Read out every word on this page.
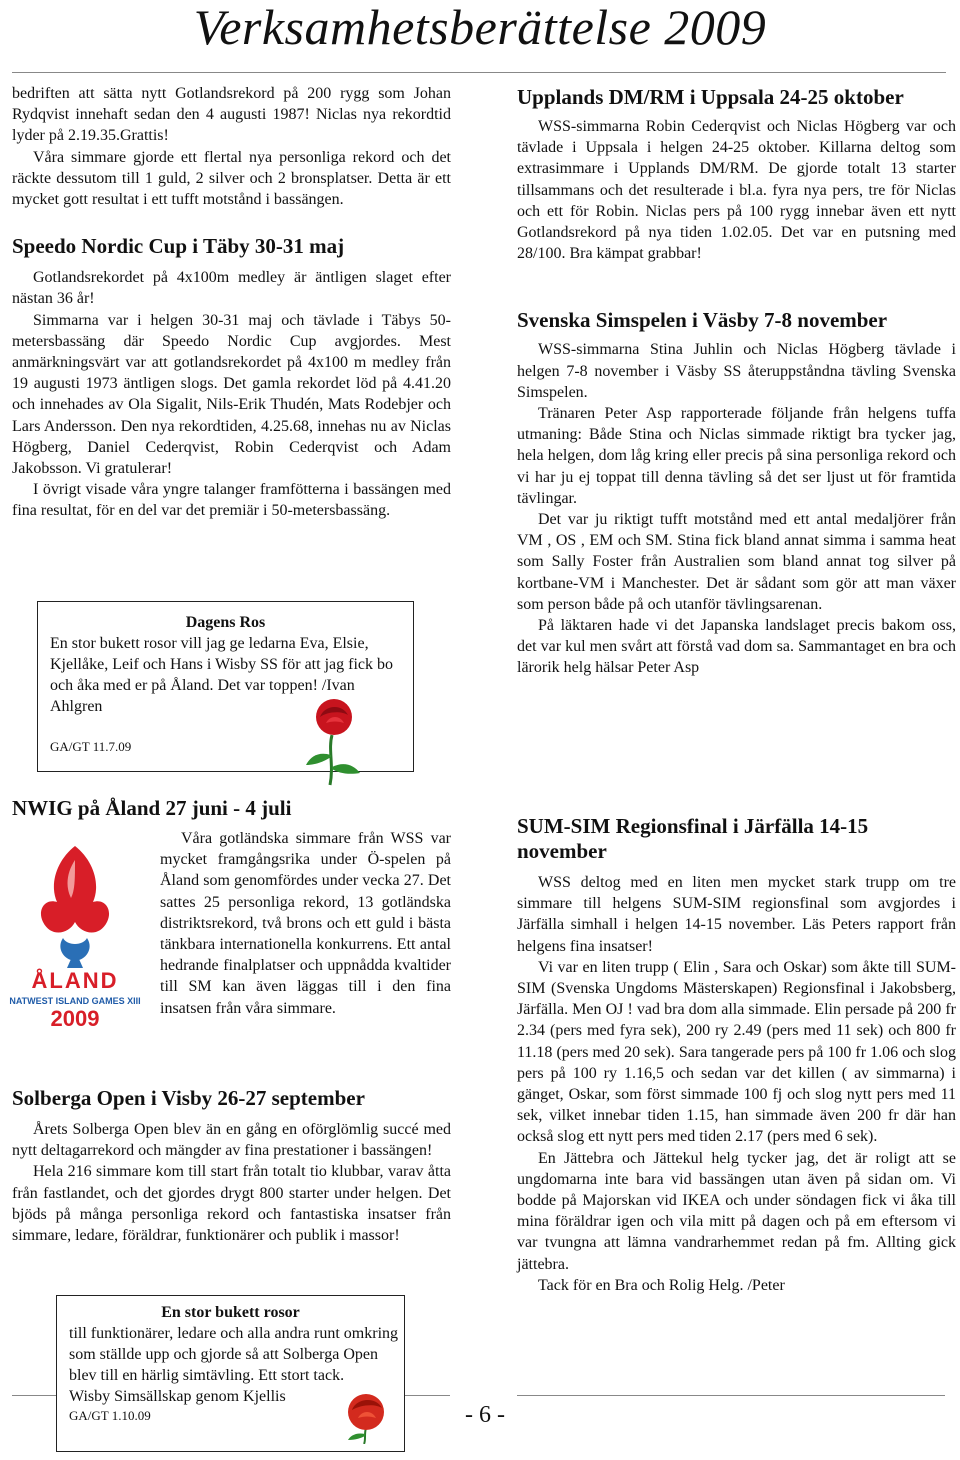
Verksamhetsberättelse 2009

bedriften att sätta nytt Gotlandsrekord på 200 rygg som Johan Rydqvist innehaft sedan den 4 augusti 1987! Niclas nya rekordtid lyder på 2.19.35.Grattis!

Våra simmare gjorde ett flertal nya personliga rekord och det räckte dessutom till 1 guld, 2 silver och 2 bronsplatser. Detta är ett mycket gott resultat i ett tufft motstånd i bassängen.

Speedo Nordic Cup i Täby 30-31 maj

Gotlandsrekordet på 4x100m medley är äntligen slaget efter nästan 36 år!

Simmarna var i helgen 30-31 maj och tävlade i Täbys 50-metersbassäng där Speedo Nordic Cup avgjordes. Mest anmärkningsvärt var att gotlandsrekordet på 4x100 m medley från 19 augusti 1973 äntligen slogs. Det gamla rekordet löd på 4.41.20 och innehades av Ola Sigalit, Nils-Erik Thudén, Mats Rodebjer och Lars Andersson. Den nya rekordtiden, 4.25.68, innehas nu av Niclas Högberg, Daniel Cederqvist, Robin Cederqvist och Adam Jakobsson. Vi gratulerar!

I övrigt visade våra yngre talanger framfötterna i bassängen med fina resultat, för en del var det premiär i 50-metersbassäng.

Dagens Ros
En stor bukett rosor vill jag ge ledarna Eva, Elsie, Kjellåke, Leif och Hans i Wisby SS för att jag fick bo och åka med er på Åland. Det var toppen! /Ivan Ahlgren
GA/GT 11.7.09
NWIG på Åland 27 juni - 4 juli
ÅLAND
NATWEST ISLAND GAMES XIII
2009

Våra gotländska simmare från WSS var mycket framgångsrika under Ö-spelen på Åland som genomfördes under vecka 27. Det sattes 25 personliga rekord, 13 gotländska distriktsrekord, två brons och ett guld i bästa tänkbara internationella konkurrens. Ett antal hedrande finalplatser och uppnådda kvaltider till SM kan även läggas till i den fina insatsen från våra simmare.

Solberga Open i Visby 26-27 september

Årets Solberga Open blev än en gång en oförglömlig succé med nytt deltagarrekord och mängder av fina prestationer i bassängen!

Hela 216 simmare kom till start från totalt tio klubbar, varav åtta från fastlandet, och det gjordes drygt 800 starter under helgen. Det bjöds på många personliga rekord och fantastiska insatser från simmare, ledare, föräldrar, funktionärer och publik i massor!

En stor bukett rosor
till funktionärer, ledare och alla andra runt omkring som ställde upp och gjorde så att Solberga Open blev till en härlig simtävling. Ett stort tack.
Wisby Simsällskap genom Kjellis
GA/GT 1.10.09	- 6 -
Upplands DM/RM i Uppsala 24-25 oktober

WSS-simmarna Robin Cederqvist och Niclas Högberg var och tävlade i Uppsala i helgen 24-25 oktober. Killarna deltog som extrasimmare i Upplands DM/RM. De gjorde totalt 13 starter tillsammans och det resulterade i bl.a. fyra nya pers, tre för Niclas och ett för Robin. Niclas pers på 100 rygg innebar även ett nytt Gotlandsrekord på nya tiden 1.02.05. Det var en putsning med 28/100. Bra kämpat grabbar!

Svenska Simspelen i Väsby 7-8 november

WSS-simmarna Stina Juhlin och Niclas Högberg tävlade i helgen 7-8 november i Väsby SS återuppståndna tävling Svenska Simspelen.

Tränaren Peter Asp rapporterade följande från helgens tuffa utmaning: Både Stina och Niclas simmade riktigt bra tycker jag, hela helgen, dom låg kring eller precis på sina personliga rekord och vi har ju ej toppat till denna tävling så det ser ljust ut för framtida tävlingar.

Det var ju riktigt tufft motstånd med ett antal medaljörer från VM , OS , EM och SM. Stina fick bland annat simma i samma heat som Sally Foster från Australien som bland annat tog silver på kortbane-VM i Manchester. Det är sådant som gör att man växer som person både på och utanför tävlingsarenan.

På läktaren hade vi det Japanska landslaget precis bakom oss, det var kul men svårt att förstå vad dom sa. Sammantaget en bra och lärorik helg hälsar Peter Asp

SUM-SIM Regionsfinal i Järfälla 14-15 november

WSS deltog med en liten men mycket stark trupp om tre simmare till helgens SUM-SIM regionsfinal som avgjordes i Järfälla simhall i helgen 14-15 november. Läs Peters rapport från helgens fina insatser!

Vi var en liten trupp ( Elin , Sara och Oskar) som åkte till SUM-SIM (Svenska Ungdoms Mästerskapen) Regionsfinal i Jakobsberg, Järfälla. Men OJ ! vad bra dom alla simmade. Elin persade på 200 fr 2.34 (pers med fyra sek), 200 ry 2.49 (pers med 11 sek) och 800 fr 11.18 (pers med 20 sek). Sara tangerade pers på 100 fr 1.06 och slog pers på 100 ry 1.16,5 och sedan var det killen ( av simmarna) i gänget, Oskar, som först simmade 100 fj och slog nytt pers med 11 sek, vilket innebar tiden 1.15, han simmade även 200 fr där han också slog ett nytt pers med tiden 2.17 (pers med 6 sek).

En Jättebra och Jättekul helg tycker jag, det är roligt att se ungdomarna inte bara vid bassängen utan även på sidan om. Vi bodde på Majorskan vid IKEA och under söndagen fick vi åka till mina föräldrar igen och vila mitt på dagen och på em eftersom vi var tvungna att lämna vandrarhemmet redan på fm. Allting gick jättebra.

Tack för en Bra och Rolig Helg. /Peter
